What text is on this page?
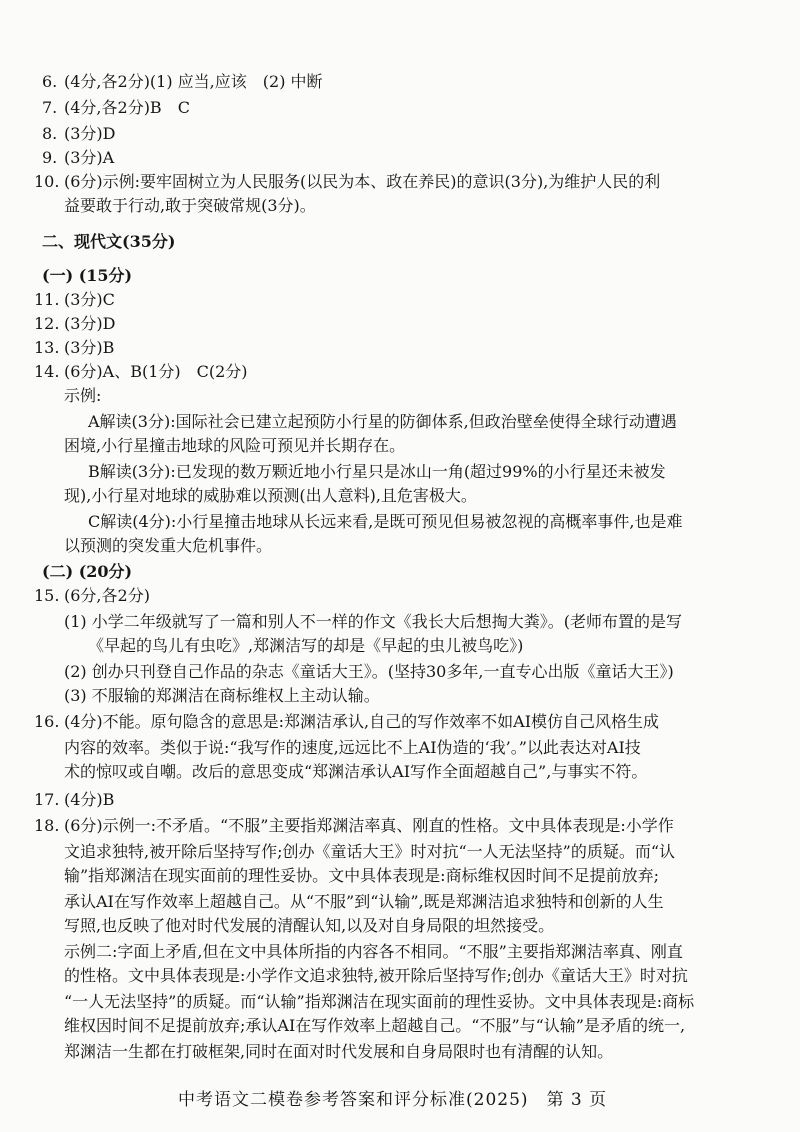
6. (4分,各2分)(1) 应当,应该　(2) 中断
7. (4分,各2分)B　C
8. (3分)D
9. (3分)A
10. (6分)示例:要牢固树立为人民服务(以民为本、政在养民)的意识(3分),为维护人民的利
益要敢于行动,敢于突破常规(3分)。
二、现代文(35分)
(一) (15分)
11. (3分)C
12. (3分)D
13. (3分)B
14. (6分)A、B(1分)　C(2分)
示例:
A解读(3分):国际社会已建立起预防小行星的防御体系,但政治壁垒使得全球行动遭遇
困境,小行星撞击地球的风险可预见并长期存在。
B解读(3分):已发现的数万颗近地小行星只是冰山一角(超过99%的小行星还未被发
现),小行星对地球的威胁难以预测(出人意料),且危害极大。
C解读(4分):小行星撞击地球从长远来看,是既可预见但易被忽视的高概率事件,也是难
以预测的突发重大危机事件。
(二) (20分)
15. (6分,各2分)
(1) 小学二年级就写了一篇和别人不一样的作文《我长大后想掏大粪》。(老师布置的是写
《早起的鸟儿有虫吃》,郑渊洁写的却是《早起的虫儿被鸟吃》)
(2) 创办只刊登自己作品的杂志《童话大王》。(坚持30多年,一直专心出版《童话大王》)
(3) 不服输的郑渊洁在商标维权上主动认输。
16. (4分)不能。原句隐含的意思是:郑渊洁承认,自己的写作效率不如AI模仿自己风格生成
内容的效率。类似于说:“我写作的速度,远远比不上AI伪造的‘我’。”以此表达对AI技
术的惊叹或自嘲。改后的意思变成“郑渊洁承认AI写作全面超越自己”,与事实不符。
17. (4分)B
18. (6分)示例一:不矛盾。“不服”主要指郑渊洁率真、刚直的性格。文中具体表现是:小学作
文追求独特,被开除后坚持写作;创办《童话大王》时对抗“一人无法坚持”的质疑。而“认
输”指郑渊洁在现实面前的理性妥协。文中具体表现是:商标维权因时间不足提前放弃;
承认AI在写作效率上超越自己。从“不服”到“认输”,既是郑渊洁追求独特和创新的人生
写照,也反映了他对时代发展的清醒认知,以及对自身局限的坦然接受。
示例二:字面上矛盾,但在文中具体所指的内容各不相同。“不服”主要指郑渊洁率真、刚直
的性格。文中具体表现是:小学作文追求独特,被开除后坚持写作;创办《童话大王》时对抗
“一人无法坚持”的质疑。而“认输”指郑渊洁在现实面前的理性妥协。文中具体表现是:商标
维权因时间不足提前放弃;承认AI在写作效率上超越自己。“不服”与“认输”是矛盾的统一,
郑渊洁一生都在打破框架,同时在面对时代发展和自身局限时也有清醒的认知。
中考语文二模卷参考答案和评分标准(2025)　第 3 页
